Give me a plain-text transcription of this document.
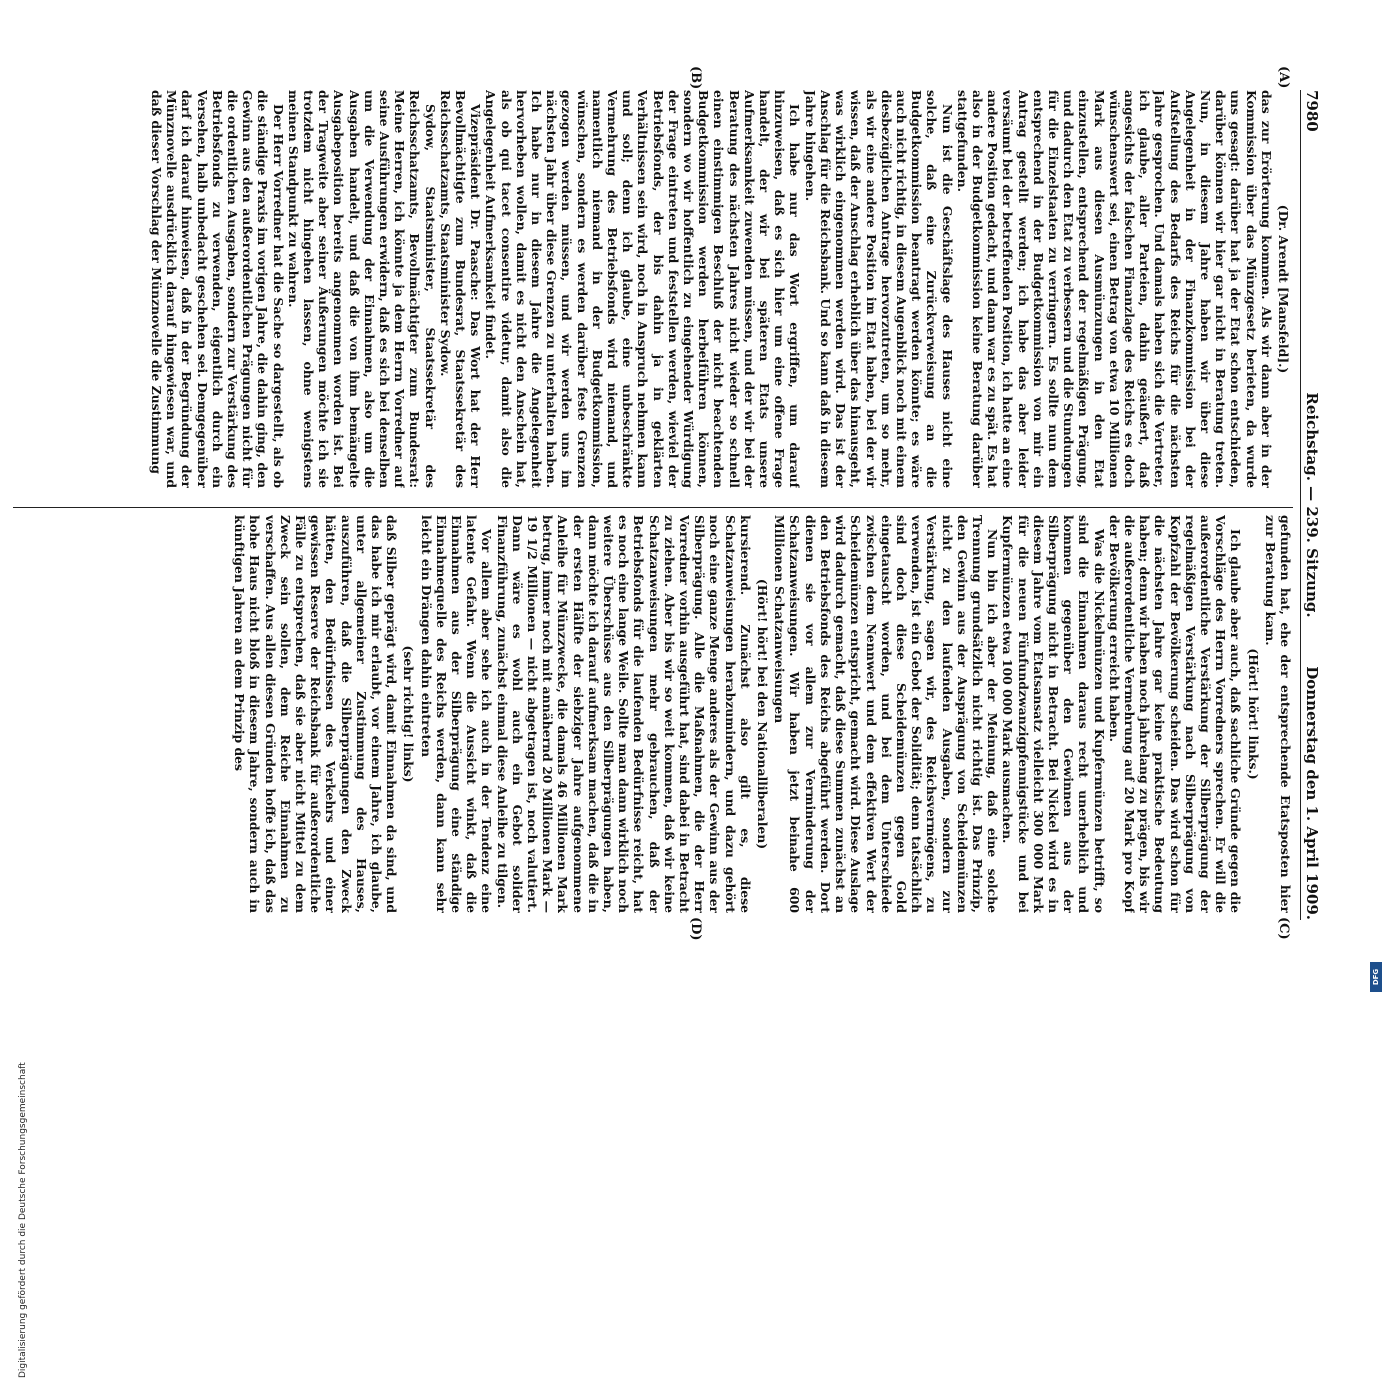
7980
Reichstag. — 239. Sitzung.
Donnerstag den 1. April 1909.
(A)
(B)
(C)
(D)

(Dr. Arendt [Mansfeld].)

das zur Erörterung kommen. Als wir dann aber in der Kommission über das Münzgesetz berieten, da wurde uns gesagt: darüber hat ja der Etat schon entschieden, darüber können wir hier gar nicht in Beratung treten. Nun, in diesem Jahre haben wir über diese Angelegenheit in der Finanzkommission bei der Aufstellung des Bedarfs des Reichs für die nächsten Jahre gesprochen. Und damals haben sich die Vertreter, ich glaube, aller Parteien, dahin geäußert, daß angesichts der falschen Finanzlage des Reichs es doch wünschenswert sei, einen Betrag von etwa 10 Millionen Mark aus diesen Ausmünzungen in den Etat einzustellen, entsprechend der regelmäßigen Prägung, und dadurch den Etat zu verbessern und die Stundungen für die Einzelstaaten zu verringern. Es sollte nun dem entsprechend in der Budgetkommission von mir ein Antrag gestellt werden; ich habe das aber leider versäumt bei der betreffenden Position, ich hatte an eine andere Position gedacht, und dann war es zu spät. Es hat also in der Budgetkommission keine Beratung darüber stattgefunden.

Nun ist die Geschäftslage des Hauses nicht eine solche, daß eine Zurückverweisung an die Budgetkommission beantragt werden könnte; es wäre auch nicht richtig, in diesem Augenblick noch mit einem diesbezüglichen Antrage hervorzutreten, um so mehr, als wir eine andere Position im Etat haben, bei der wir wissen, daß der Anschlag erheblich über das hinausgeht, was wirklich eingenommen werden wird. Das ist der Anschlag für die Reichsbank. Und so kann daß in diesem Jahre hingehen.

Ich habe nur das Wort ergriffen, um darauf hinzuweisen, daß es sich hier um eine offene Frage handelt, der wir bei späteren Etats unsere Aufmerksamkeit zuwenden müssen, und der wir bei der Beratung des nächsten Jahres nicht wieder so schnell einen einstimmigen Beschluß der nicht beachtenden Budgetkommission werden herbeiführen können, sondern wo wir hoffentlich zu eingehender Würdigung der Frage eintreten und feststellen werden, wieviel der Betriebsfonds, der bis dahin ja in geklärten Verhältnissen sein wird, noch in Anspruch nehmen kann und soll; denn ich glaube, eine unbeschränkte Vermehrung des Betriebsfonds wird niemand, und namentlich niemand in der Budgetkommission, wünschen, sondern es werden darüber feste Grenzen gezogen werden müssen, und wir werden uns im nächsten Jahr über diese Grenzen zu unterhalten haben. Ich habe nur in diesem Jahre die Angelegenheit hervorheben wollen, damit es nicht den Anschein hat, als ob qui tacet consentire videtur, damit also die Angelegenheit Aufmerksamkeit findet.

Vizepräsident Dr. Paasche: Das Wort hat der Herr Bevollmächtigte zum Bundesrat, Staatssekretär des Reichsschatzamts, Staatsminister Sydow.

Sydow, Staatsminister, Staatssekretär des Reichsschatzamts, Bevollmächtigter zum Bundesrat: Meine Herren, ich könnte ja dem Herrn Vorredner auf seine Ausführungen erwidern, daß es sich bei denselben um die Verwendung der Einnahmen, also um die Ausgaben handelt, und daß die von ihm bemängelte Ausgabeposition bereits angenommen worden ist. Bei der Tragweite aber seiner Äußerungen möchte ich sie trotzdem nicht hingehen lassen, ohne wenigstens meinen Standpunkt zu wahren.

Der Herr Vorredner hat die Sache so dargestellt, als ob die ständige Praxis im vorigen Jahre, die dahin ging, den Gewinn aus den außerordentlichen Prägungen nicht für die ordentlichen Ausgaben, sondern zur Verstärkung des Betriebsfonds zu verwenden, eigentlich durch ein Versehen, halb unbedacht geschehen sei. Demgegenüber darf ich darauf hinweisen, daß in der Begründung der Münznovelle ausdrücklich darauf hingewiesen war, und daß dieser Vorschlag der Münznovelle die Zustimmung

gefunden hat, ehe der entsprechende Etatsposten hier zur Beratung kam.

(Hört! hört! links.)

Ich glaube aber auch, daß sachliche Gründe gegen die Vorschläge des Herrn Vorredners sprechen. Er will die außerordentliche Verstärkung der Silberprägung der regelmäßigen Verstärkung nach Silberprägung von Kopfzahl der Bevölkerung scheiden. Das wird schon für die nächsten Jahre gar keine praktische Bedeutung haben; denn wir haben noch jahrelang zu prägen, bis wir die außerordentliche Vermehrung auf 20 Mark pro Kopf der Bevölkerung erreicht haben.

Was die Nickelmünzen und Kupfermünzen betrifft, so sind die Einnahmen daraus recht unerheblich und kommen gegenüber den Gewinnen aus der Silberprägung nicht in Betracht. Bei Nickel wird es in diesem Jahre vom Etatsansatz vielleicht 300 000 Mark für die neuen Fünfundzwanzigpfennigstücke und bei Kupfermünzen etwa 100 000 Mark ausmachen.

Nun bin ich aber der Meinung, daß eine solche Trennung grundsätzlich nicht richtig ist. Das Prinzip, den Gewinn aus der Ausprägung von Scheidemünzen nicht zu den laufenden Ausgaben, sondern zur Verstärkung, sagen wir, des Reichsvermögens, zu verwenden, ist ein Gebot der Solidität; denn tatsächlich sind doch diese Scheidemünzen gegen Gold eingetauscht worden, und bei dem Unterschiede zwischen dem Nennwert und dem effektiven Wert der Scheidemünzen entspricht, gemacht wird. Diese Auslage wird dadurch gemacht, daß diese Summen zunächst an den Betriebsfonds des Reichs abgeführt werden. Dort dienen sie vor allem zur Verminderung der Schatzanweisungen. Wir haben jetzt beinahe 600 Millionen Schatzanweisungen

(Hört! hört! bei den Nationalliberalen)

kursierend. Zunächst also gilt es, diese Schatzanweisungen herabzumindern, und dazu gehört noch eine ganze Menge anderes als der Gewinn aus der Silberprägung. Alle die Maßnahmen, die der Herr Vorredner vorhin ausgeführt hat, sind dabei in Betracht zu ziehen. Aber bis wir so weit kommen, daß wir keine Schatzanweisungen mehr gebrauchen, daß der Betriebsfonds für die laufenden Bedürfnisse reicht, hat es noch eine lange Weile. Sollte man dann wirklich noch weitere Überschüsse aus den Silberprägungen haben, dann möchte ich darauf aufmerksam machen, daß die in der ersten Hälfte der siebziger Jahre aufgenommene Anleihe für Münzzwecke, die damals 46 Millionen Mark betrug, immer noch mit annähernd 20 Millionen Mark — 19 1/2 Millionen — nicht abgetragen ist, noch valutiert. Dann wäre es wohl auch ein Gebot solider Finanzführung, zunächst einmal diese Anleihe zu tilgen.

Vor allem aber sehe ich auch in der Tendenz eine latente Gefahr. Wenn die Aussicht winkt, daß die Einnahmen aus der Silberprägung eine ständige Einnahmequelle des Reichs werden, dann kann sehr leicht ein Drängen dahin eintreten

(sehr richtig! links)

daß Silber geprägt wird, damit Einnahmen da sind, und das habe ich mir erlaubt, vor einem Jahre, ich glaube, unter allgemeiner Zustimmung des Hauses, auszuführen, daß die Silberprägungen den Zweck hätten, den Bedürfnissen des Verkehrs und einer gewissen Reserve der Reichsbank für außerordentliche Fälle zu entsprechen, daß sie aber nicht Mittel zu dem Zweck sein sollen, dem Reiche Einnahmen zu verschaffen. Aus allen diesen Gründen hoffe ich, daß das hohe Haus nicht bloß in diesem Jahre, sondern auch in künftigen Jahren an dem Prinzip des

Digitalisierung gefördert durch die Deutsche Forschungsgemeinschaft
DFG
